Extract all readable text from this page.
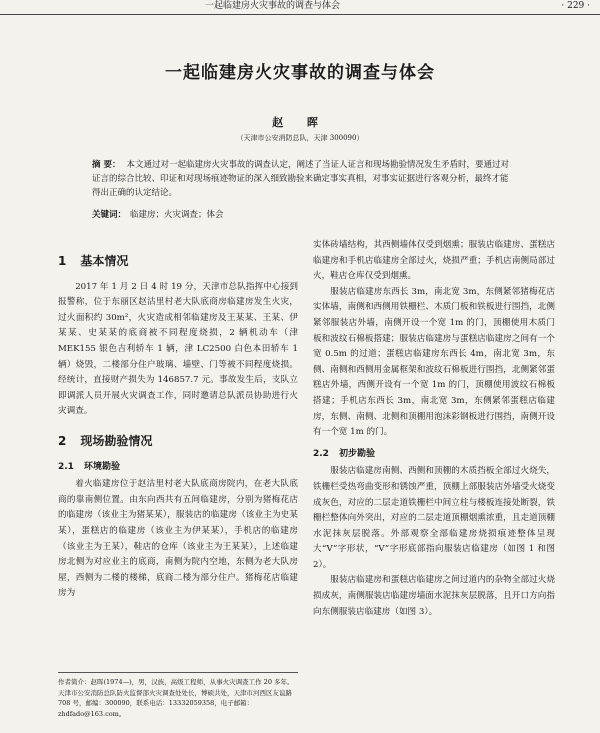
一起临建房火灾事故的调查与体会	· 229 ·
一起临建房火灾事故的调查与体会
赵 晖
（天津市公安消防总队，天津 300090）
摘 要： 本文通过对一起临建房火灾事故的调查认定，阐述了当证人证言和现场勘验情况发生矛盾时，要通过对证言的综合比较、印证和对现场痕迹物证的深入细致勘验来确定事实真相，对事实证据进行客观分析，最终才能得出正确的认定结论。
关键词： 临建房；火灾调查；体会
1 基本情况

2017 年 1 月 2 日 4 时 19 分，天津市总队指挥中心接到报警称，位于东丽区赵沽里村老大队底商房临建房发生火灾，过火面积约 30m²，火灾造成相邻临建房及王某某、王某、伊某某、史某某的底商被不同程度烧损，2 辆机动车（津 MEK155 银色吉利轿车 1 辆，津 LC2500 白色本田轿车 1 辆）烧毁，二楼部分住户玻璃、墙壁、门等被不同程度烧损。经统计，直接财产损失为 146857.7 元。事故发生后，支队立即调派人员开展火灾调查工作，同时邀请总队派员协助进行火灾调查。

2 现场勘验情况
2.1 环境勘验

着火临建房位于赵沽里村老大队底商房院内，在老大队底商的靠南侧位置。由东向西共有五间临建房，分别为猪梅花店的临建房（该业主为猪某某），服装店的临建房（该业主为史某某），蛋糕店的临建房（该业主为伊某某），手机店的临建房（该业主为王某），鞋店的仓库（该业主为王某某），上述临建房北侧为对应业主的底商，南侧为院内空地，东侧为老大队房屋，西侧为二楼的楼梯，底商二楼为部分住户。猪梅花店临建房为

实体砖墙结构，其西侧墙体仅受到烟熏；服装店临建房、蛋糕店临建房和手机店临建房全部过火，烧损严重；手机店南侧局部过火，鞋店仓库仅受到烟熏。

服装店临建房东西长 3m，南北宽 3m，东侧紧邻猪梅花店实体墙，南侧和西侧用铁栅栏、木质门板和铁板进行围挡，北侧紧邻服装店外墙，南侧开设一个宽 1m 的门，顶棚使用木质门板和波纹石棉板搭建；服装店临建房与蛋糕店临建房之间有一个宽 0.5m 的过道；蛋糕店临建房东西长 4m，南北宽 3m，东侧、南侧和西侧用金属框架和波纹石棉板进行围挡，北侧紧邻蛋糕店外墙，西侧开设有一个宽 1m 的门，顶棚使用波纹石棉板搭建；手机店东西长 3m，南北宽 3m，东侧紧邻蛋糕店临建房，东侧、南侧、北侧和顶棚用泡沫彩钢板进行围挡，南侧开设有一个宽 1m 的门。

2.2 初步勘验

服装店临建房南侧、西侧和顶棚的木质挡板全部过火烧失，铁栅栏受热弯曲变形和锈蚀严重，顶棚上部服装店外墙受火烧变成灰色，对应的二层走道铁栅栏中间立柱与楼板连接处断裂，铁栅栏整体向外突出，对应的二层走道顶棚烟熏浓重，且走道顶棚水泥抹灰层脱落。外部观察全部临建房烧损痕迹整体呈现大“V”字形状，“V”字形底部指向服装店临建房（如图 1 和图 2）。

服装店临建房和蛋糕店临建房之间过道内的杂物全部过火烧损成灰，南侧服装店临建房墙面水泥抹灰层脱落，且开口方向指向东侧服装店临建房（如图 3）。

作者简介：赵晖(1974—)，男，汉族，高级工程师，从事火灾调查工作 20 多年。天津市公安消防总队防火监督部火灾调查处处长，博硕共处，天津市河西区友谊路 708 号，邮编：300090，联系电话：13332059358，电子邮箱：zhdfado@163.com。
